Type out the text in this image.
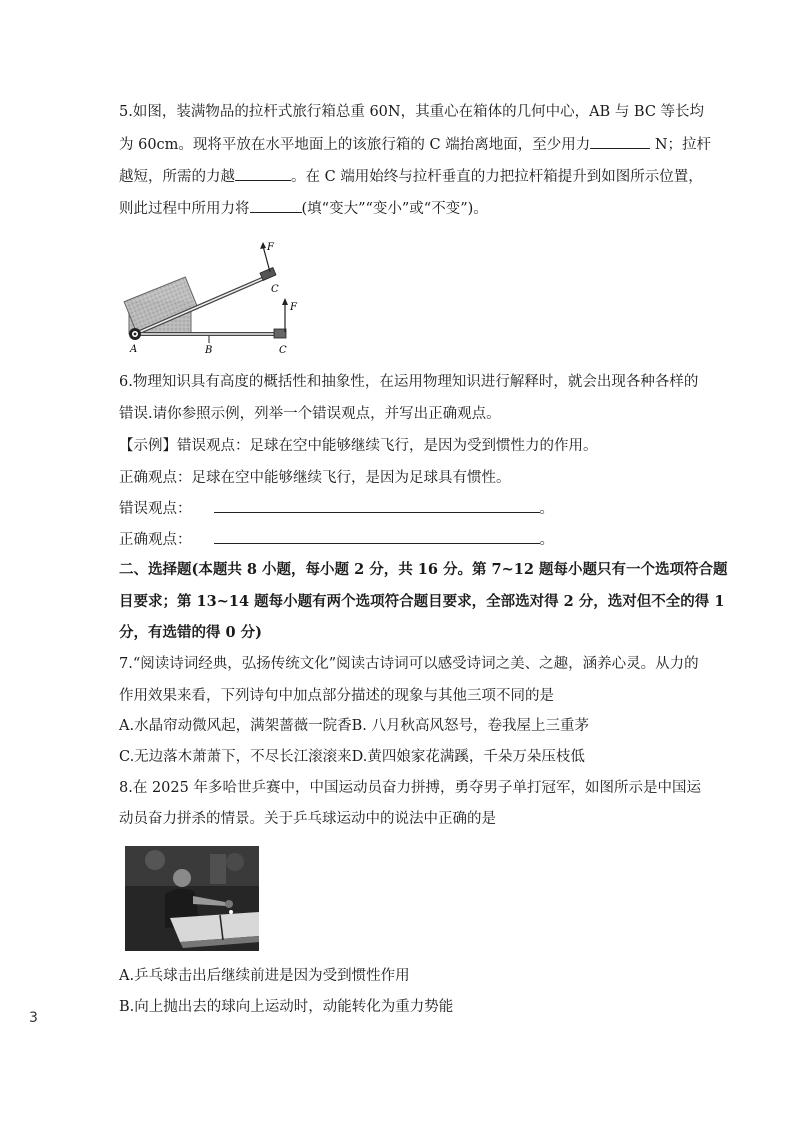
5.如图，装满物品的拉杆式旅行箱总重 60N，其重心在箱体的几何中心，AB 与 BC 等长均
为 60cm。现将平放在水平地面上的该旅行箱的 C 端抬离地面，至少用力	N；拉杆
越短，所需的力越	。在 C 端用始终与拉杆垂直的力把拉杆箱提升到如图所示位置，
则此过程中所用力将	(填“变大”“变小”或“不变”)。
F
C
F
A	B	C
6.物理知识具有高度的概括性和抽象性，在运用物理知识进行解释时，就会出现各种各样的
错误.请你参照示例，列举一个错误观点，并写出正确观点。
【示例】错误观点：足球在空中能够继续飞行，是因为受到惯性力的作用。
正确观点：足球在空中能够继续飞行，是因为足球具有惯性。
错误观点：	。
正确观点：	。
二、选择题(本题共 8 小题，每小题 2 分，共 16 分。第 7~12 题每小题只有一个选项符合题
目要求；第 13~14 题每小题有两个选项符合题目要求，全部选对得 2 分，选对但不全的得 1
分，有选错的得 0 分)
7.“阅读诗词经典，弘扬传统文化”阅读古诗词可以感受诗词之美、之趣，涵养心灵。从力的
作用效果来看，下列诗句中加点部分描述的现象与其他三项不同的是
A.水晶帘动微风起，满架蔷薇一院香B. 八月秋高风怒号，卷我屋上三重茅
C.无边落木萧萧下，不尽长江滚滚来D.黄四娘家花满蹊，千朵万朵压枝低
8.在 2025 年多哈世乒赛中，中国运动员奋力拼搏，勇夺男子单打冠军，如图所示是中国运
动员奋力拼杀的情景。关于乒乓球运动中的说法中正确的是
A.乒乓球击出后继续前进是因为受到惯性作用
B.向上抛出去的球向上运动时，动能转化为重力势能
3
